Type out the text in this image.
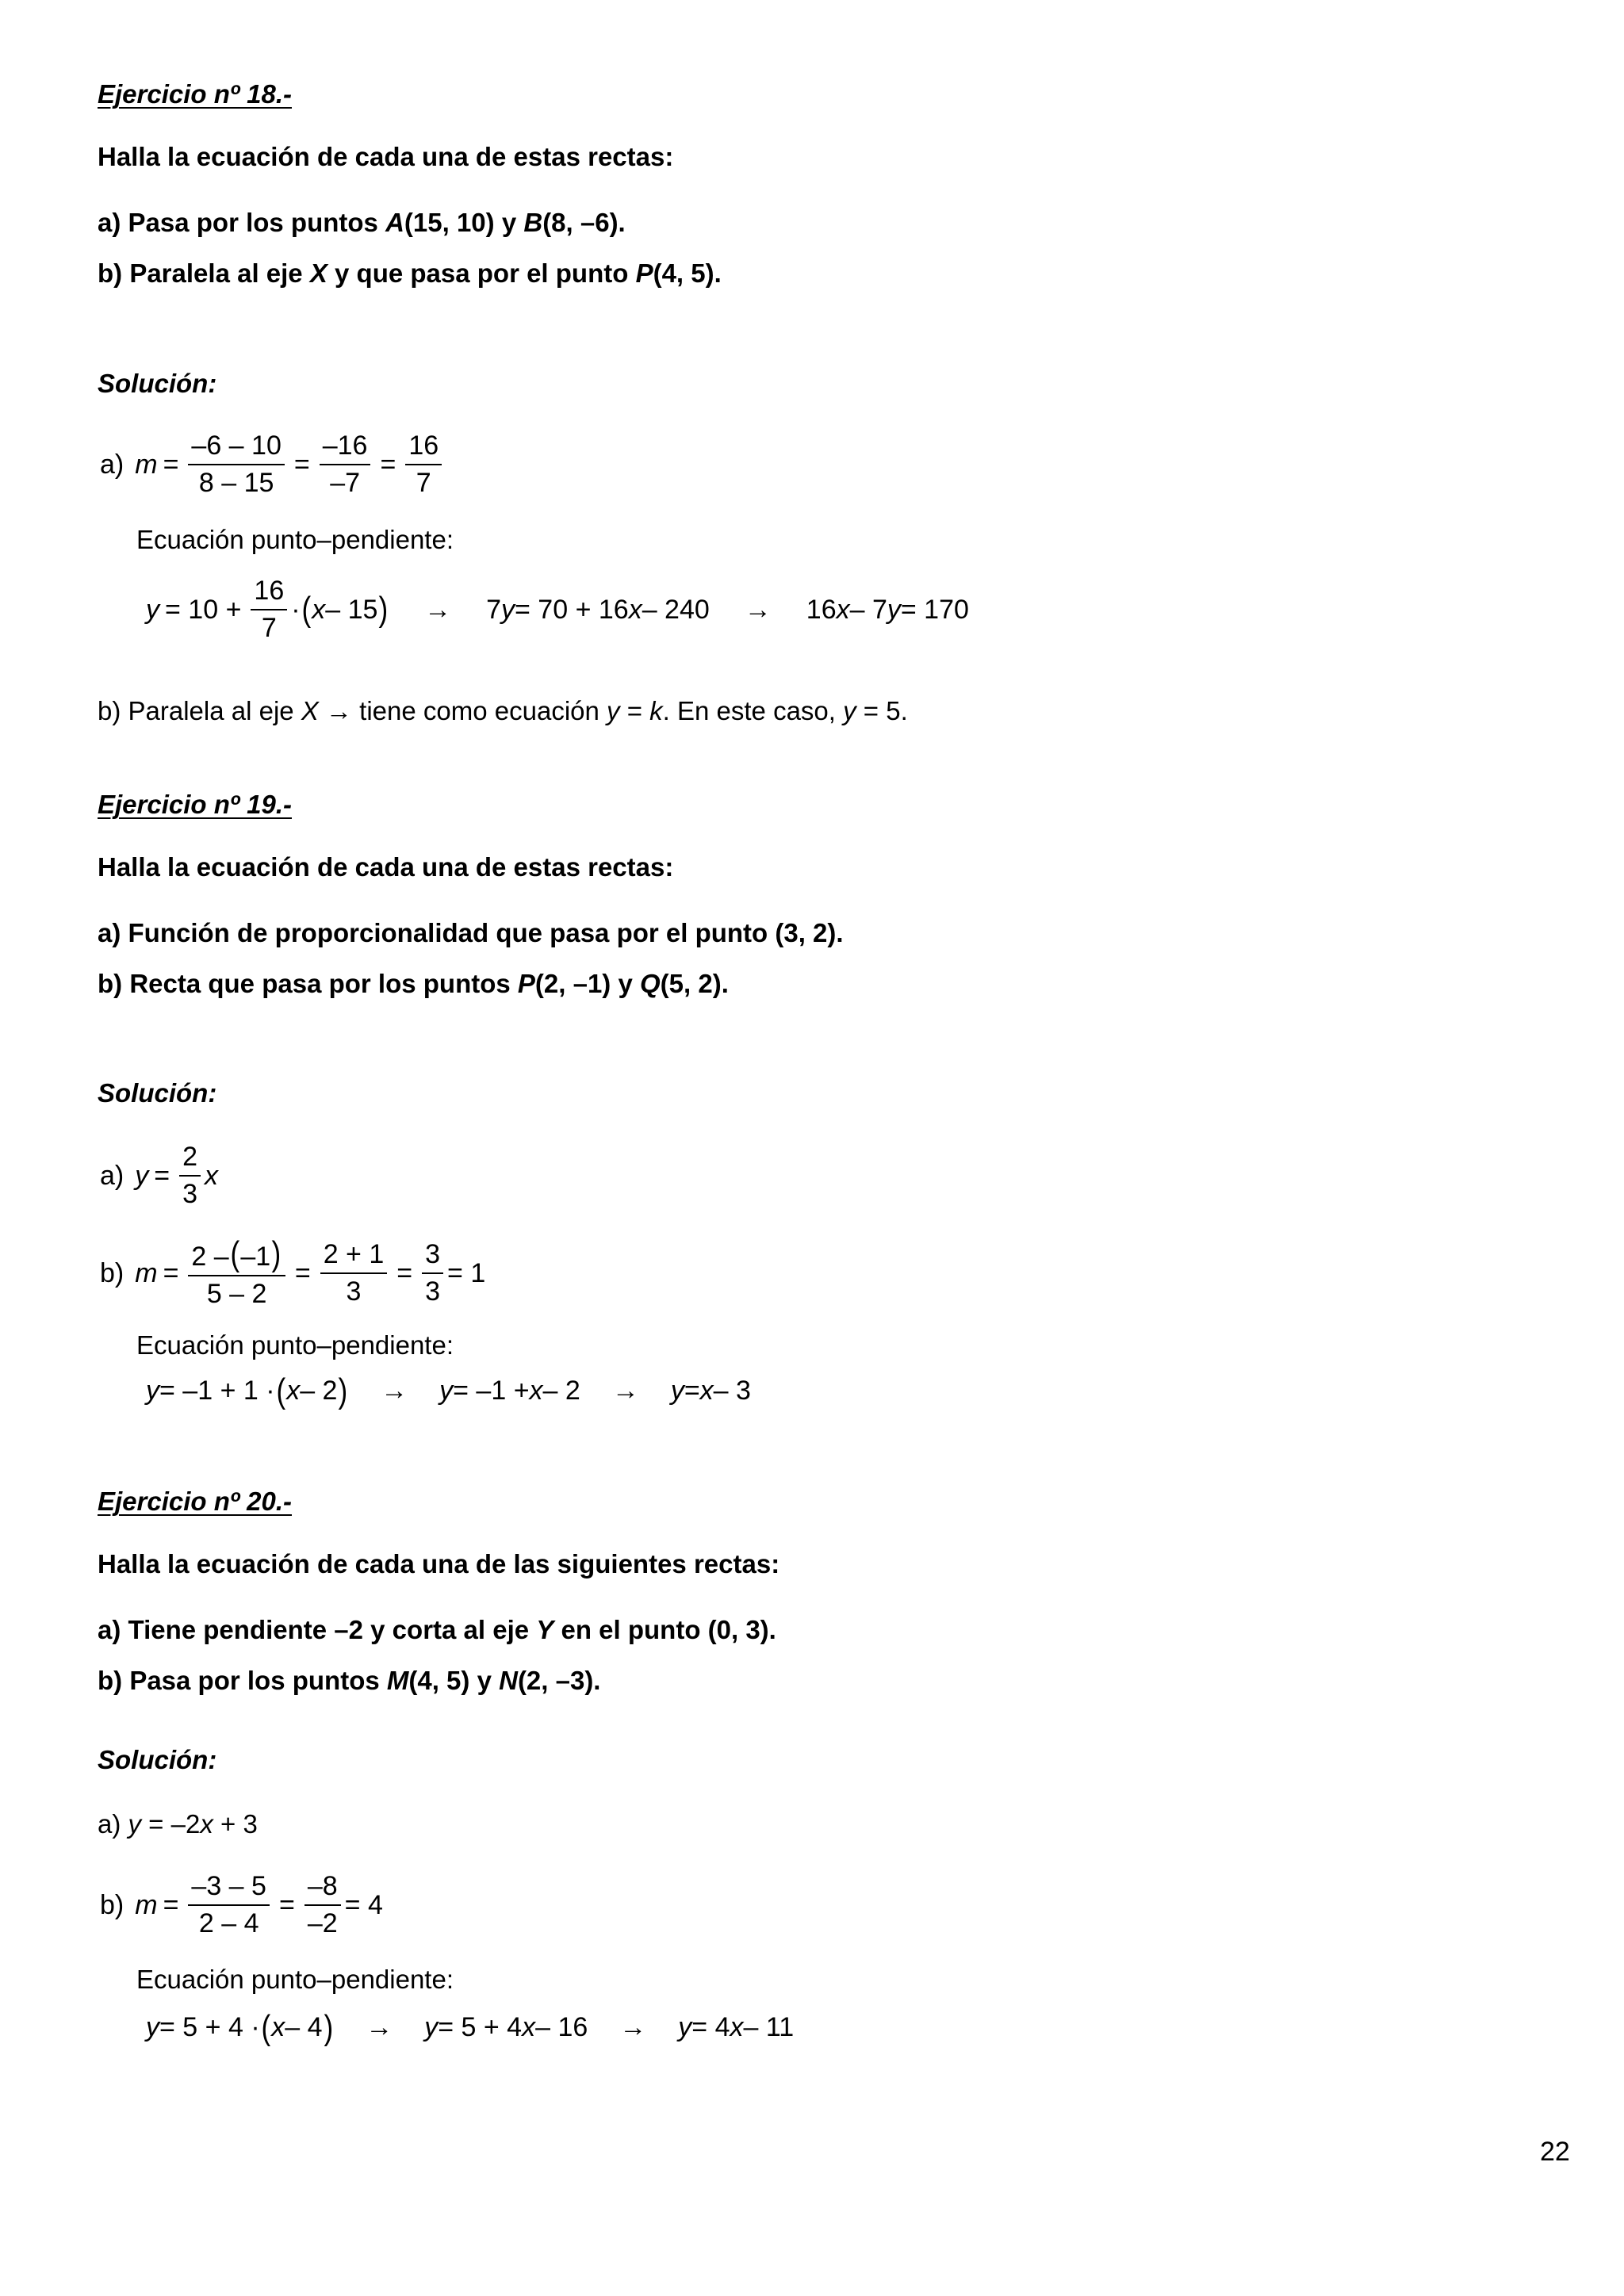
Ejercicio nº 18.-
Halla la ecuación de cada una de estas rectas:
a) Pasa por los puntos A(15, 10) y B(8, –6).
b) Paralela al eje X y que pasa por el punto P(4, 5).
Solución:
a) $m = \frac{-6 - 10}{8 - 15} = \frac{-16}{-7} = \frac{16}{7}$
Ecuación punto–pendiente:
$y = 10 + \frac{16}{7}$ · ( x – 15 ) → 7 y = 70 + 16 x – 240 → 16 x – 7 y = 170
b) Paralela al eje X → tiene como ecuación y = k. En este caso, y = 5.
Ejercicio nº 19.-
Halla la ecuación de cada una de estas rectas:
a) Función de proporcionalidad que pasa por el punto (3, 2).
b) Recta que pasa por los puntos P(2, –1) y Q(5, 2).
Solución:
a) $y = \frac{2}{3}$ x
b) $m = \frac{2 -(-1)}{5 - 2} = \frac{2 + 1}{3} = \frac{3}{3} = 1$
Ecuación punto–pendiente:
y = –1 + 1 · ( x – 2 ) → y = –1 + x – 2 → y = x – 3
Ejercicio nº 20.-
Halla la ecuación de cada una de las siguientes rectas:
a) Tiene pendiente –2 y corta al eje Y en el punto (0, 3).
b) Pasa por los puntos M(4, 5) y N(2, –3).
Solución:
a) y = –2x + 3
b) $m = \frac{-3 - 5}{2 - 4} = \frac{-8}{-2} = 4$
Ecuación punto–pendiente:
y = 5 + 4 · ( x – 4 ) → y = 5 + 4 x – 16 → y = 4 x – 11
22
